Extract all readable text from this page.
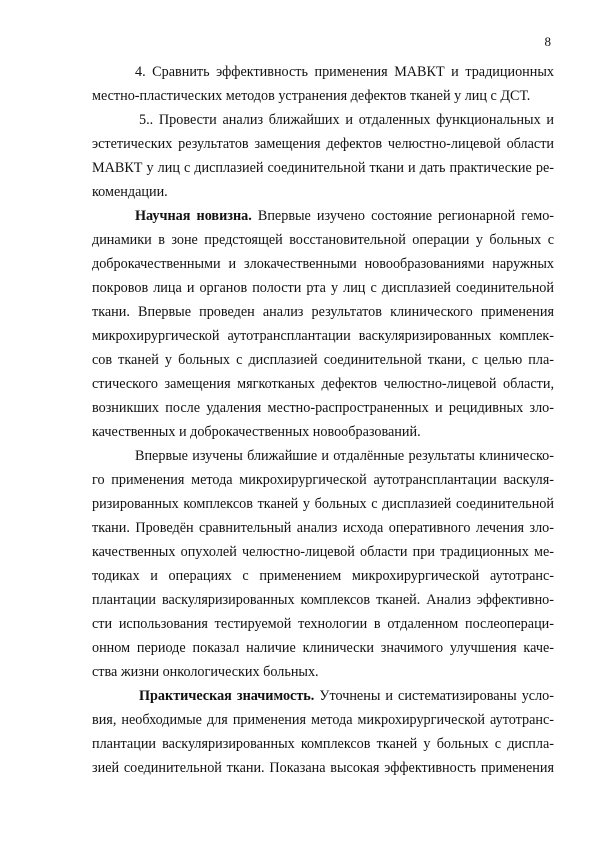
8
4. Сравнить эффективность применения МАВКТ и традиционных
местно-пластических методов устранения дефектов тканей у лиц с ДСТ.
5.. Провести анализ ближайших и отдаленных функциональных и
эстетических результатов замещения дефектов челюстно-лицевой области
МАВКТ у лиц с дисплазией соединительной ткани и дать практические ре-
комендации.
Научная новизна. Впервые изучено состояние регионарной гемо-
динамики в зоне предстоящей восстановительной операции у больных с
доброкачественными и злокачественными новообразованиями наружных
покровов лица и органов полости рта у лиц с дисплазией соединительной
ткани. Впервые проведен анализ результатов клинического применения
микрохирургической аутотрансплантации васкуляризированных комплек-
сов тканей у больных с дисплазией соединительной ткани, с целью пла-
стического замещения мягкотканых дефектов челюстно-лицевой области,
возникших после удаления местно-распространенных и рецидивных зло-
качественных и доброкачественных новообразований.
Впервые изучены ближайшие и отдалённые результаты клиническо-
го применения метода микрохирургической аутотрансплантации васкуля-
ризированных комплексов тканей у больных с дисплазией соединительной
ткани. Проведён сравнительный анализ исхода оперативного лечения зло-
качественных опухолей челюстно-лицевой области при традиционных ме-
тодиках и операциях с применением микрохирургической аутотранс-
плантации васкуляризированных комплексов тканей. Анализ эффективно-
сти использования тестируемой технологии в отдаленном послеопераци-
онном периоде показал наличие клинически значимого улучшения каче-
ства жизни онкологических больных.
Практическая значимость. Уточнены и систематизированы усло-
вия, необходимые для применения метода микрохирургической аутотранс-
плантации васкуляризированных комплексов тканей у больных с диспла-
зией соединительной ткани. Показана высокая эффективность применения
